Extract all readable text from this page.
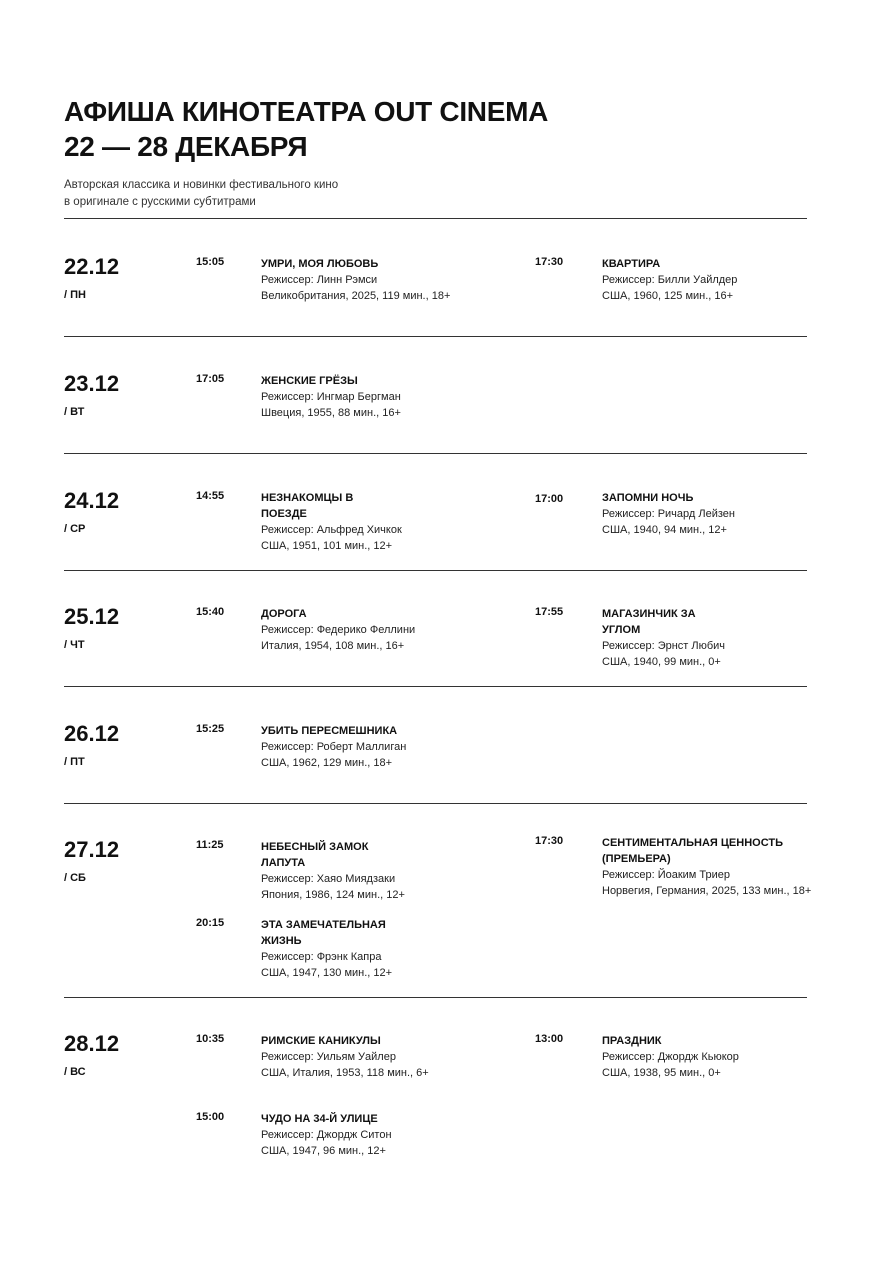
АФИША КИНОТЕАТРА OUT CINEMA
22 — 28 ДЕКАБРЯ
Авторская классика и новинки фестивального кино
в оригинале с русскими субтитрами
22.12
/ ПН
15:05	УМРИ, МОЯ ЛЮБОВЬ
Режиссер: Линн Рэмси
Великобритания, 2025, 119 мин., 18+
17:30	КВАРТИРА
Режиссер: Билли Уайлдер
США, 1960, 125 мин., 16+
23.12
/ ВТ
17:05	ЖЕНСКИЕ ГРЁЗЫ
Режиссер: Ингмар Бергман
Швеция, 1955, 88 мин., 16+
24.12
/ СР
14:55	НЕЗНАКОМЦЫ В ПОЕЗДЕ
Режиссер: Альфред Хичкок
США, 1951, 101 мин., 12+
17:00	ЗАПОМНИ НОЧЬ
Режиссер: Ричард Лейзен
США, 1940, 94 мин., 12+
25.12
/ ЧТ
15:40	ДОРОГА
Режиссер: Федерико Феллини
Италия, 1954, 108 мин., 16+
17:55	МАГАЗИНЧИК ЗА УГЛОМ
Режиссер: Эрнст Любич
США, 1940, 99 мин., 0+
26.12
/ ПТ
15:25	УБИТЬ ПЕРЕСМЕШНИКА
Режиссер: Роберт Маллиган
США, 1962, 129 мин., 18+
27.12
/ СБ
11:25	НЕБЕСНЫЙ ЗАМОК ЛАПУТА
Режиссер: Хаяо Миядзаки
Япония, 1986, 124 мин., 12+
17:30	СЕНТИМЕНТАЛЬНАЯ ЦЕННОСТЬ
(ПРЕМЬЕРА)
Режиссер: Йоаким Триер
Норвегия, Германия, 2025, 133 мин., 18+
20:15	ЭТА ЗАМЕЧАТЕЛЬНАЯ ЖИЗНЬ
Режиссер: Фрэнк Капра
США, 1947, 130 мин., 12+
28.12
/ ВС
10:35	РИМСКИЕ КАНИКУЛЫ
Режиссер: Уильям Уайлер
США, Италия, 1953, 118 мин., 6+
13:00	ПРАЗДНИК
Режиссер: Джордж Кьюкор
США, 1938, 95 мин., 0+
15:00	ЧУДО НА 34-Й УЛИЦЕ
Режиссер: Джордж Ситон
США, 1947, 96 мин., 12+
